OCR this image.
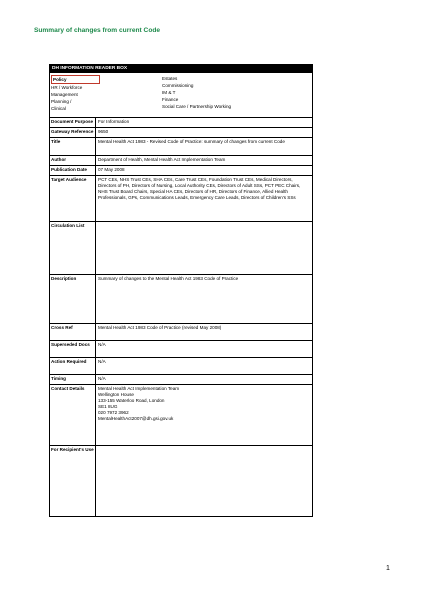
Summary of changes from current Code
DH INFORMATION READER BOX
Policy
HR / Workforce
Management
Planning /
Clinical
Estates
Commissioning
IM & T
Finance
Social Care / Partnership Working
Document Purpose	For Information
Gateway Reference	9650
Title	Mental Health Act 1983 - Revised Code of Practice: summary of changes from current Code
Author	Department of Health, Mental Health Act Implementation Team
Publication Date	07 May 2008
Target Audience	PCT CEs, NHS Trust CEs, SHA CEs, Care Trust CEs, Foundation Trust CEs, Medical Directors, Directors of PH, Directors of Nursing, Local Authority CEs, Directors of Adult SSs, PCT PEC Chairs, NHS Trust Board Chairs, Special HA CEs, Directors of HR, Directors of Finance, Allied Health Professionals, GPs, Communications Leads, Emergency Care Leads, Directors of Children's SSs
Circulation List
Description	Summary of changes to the Mental Health Act 1983 Code of Practice
Cross Ref	Mental Health Act 1983 Code of Practice (revised May 2008)
Superseded Docs	N/A
Action Required	N/A
Timing	N/A
Contact Details	Mental Health Act Implementation Team
Wellington House
133-155 Waterloo Road, London
SE1 8UG
020 7972 3962
MentalHealthAct2007@dh.gsi.gov.uk
For Recipient's Use
1
